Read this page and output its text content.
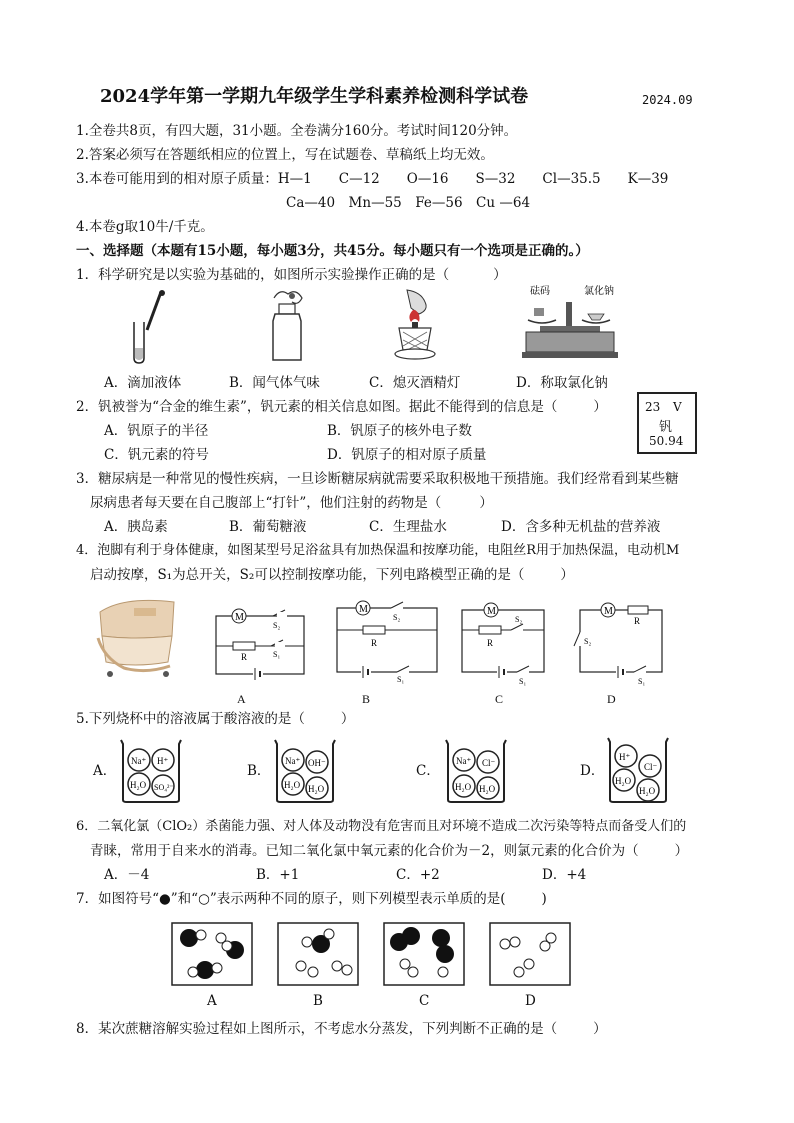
2024学年第一学期九年级学生学科素养检测科学试卷	2024.09
1.全卷共8页，有四大题，31小题。全卷满分160分。考试时间120分钟。
2.答案必须写在答题纸相应的位置上，写在试题卷、草稿纸上均无效。
3.本卷可能用到的相对原子质量：H—1　　C—12　　O—16　　S—32　　Cl—35.5　　K—39
Ca—40　Mn—55　Fe—56　Cu —64
4.本卷g取10牛/千克。
一、选择题（本题有15小题，每小题3分，共45分。每小题只有一个选项是正确的。）
1．科学研究是以实验为基础的，如图所示实验操作正确的是（	）
砝码	氯化钠
A．滴加液体	B．闻气体气味	C．熄灭酒精灯	D．称取氯化钠
2．钒被誉为“合金的维生素”，钒元素的相关信息如图。据此不能得到的信息是（	）	23 V
钒
50.94
A．钒原子的半径	B．钒原子的核外电子数
C．钒元素的符号	D．钒原子的相对原子质量
3．糖尿病是一种常见的慢性疾病，一旦诊断糖尿病就需要采取积极地干预措施。我们经常看到某些糖
尿病患者每天要在自己腹部上“打针”，他们注射的药物是（	）
A．胰岛素	B．葡萄糖液	C．生理盐水	D．含多种无机盐的营养液
4．泡脚有利于身体健康，如图某型号足浴盆具有加热保温和按摩功能，电阻丝R用于加热保温，电动机M
启动按摩，S₁为总开关，S₂可以控制按摩功能，下列电路模型正确的是（	）
M
S₂
R	S₁
A
M
S₂
R
S₁
B
M
R
S₂
S₁
C
M
R
S₂
S₁
D
5.下列烧杯中的溶液属于酸溶液的是（	）
A．
Na⁺ H⁺
H₂O SO₄²⁻
B．
Na⁺ OH⁻
H₂O H₂O
C．
Na⁺ Cl⁻
H₂O H₂O
D．
H⁺
Cl⁻
H₂O
H₂O
6．二氧化氯（ClO₂）杀菌能力强、对人体及动物没有危害而且对环境不造成二次污染等特点而备受人们的
青睐，常用于自来水的消毒。已知二氧化氯中氧元素的化合价为－2，则氯元素的化合价为（	）
A．－4	B．+1	C．+2	D．+4
7．如图符号“●”和“○”表示两种不同的原子，则下列模型表示单质的是(	)
A	B	C	D
8．某次蔗糖溶解实验过程如上图所示，不考虑水分蒸发，下列判断不正确的是（	）
